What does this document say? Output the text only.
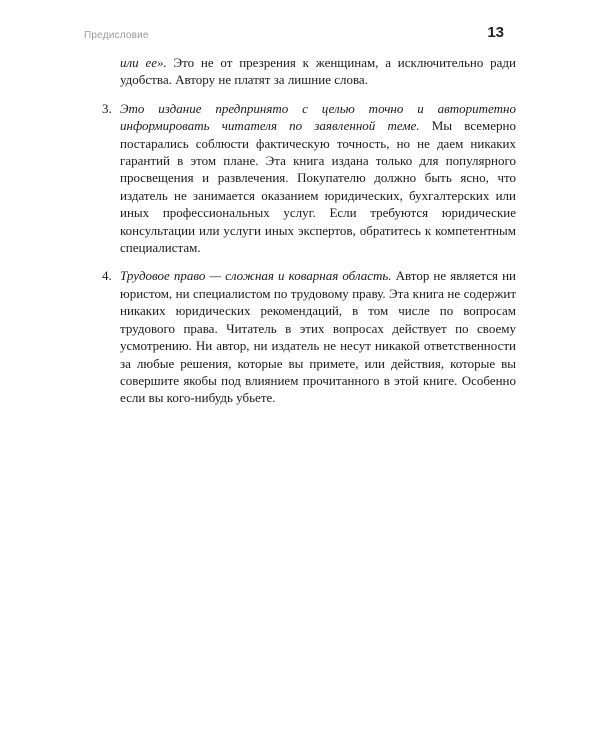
Предисловие	13

или ее». Это не от презрения к женщинам, а исключительно ради удобства. Автору не платят за лишние слова.

3. Это издание предпринято с целью точно и авторитетно информировать читателя по заявленной теме. Мы всемерно постарались соблюсти фактическую точность, но не даем никаких гарантий в этом плане. Эта книга издана только для популярного просвещения и развлечения. Покупателю должно быть ясно, что издатель не занимается оказанием юридических, бухгалтерских или иных профессиональных услуг. Если требуются юридические консультации или услуги иных экспертов, обратитесь к компетентным специалистам.

4. Трудовое право — сложная и коварная область. Автор не является ни юристом, ни специалистом по трудовому праву. Эта книга не содержит никаких юридических рекомендаций, в том числе по вопросам трудового права. Читатель в этих вопросах действует по своему усмотрению. Ни автор, ни издатель не несут никакой ответственности за любые решения, которые вы примете, или действия, которые вы совершите якобы под влиянием прочитанного в этой книге. Особенно если вы кого-нибудь убьете.
